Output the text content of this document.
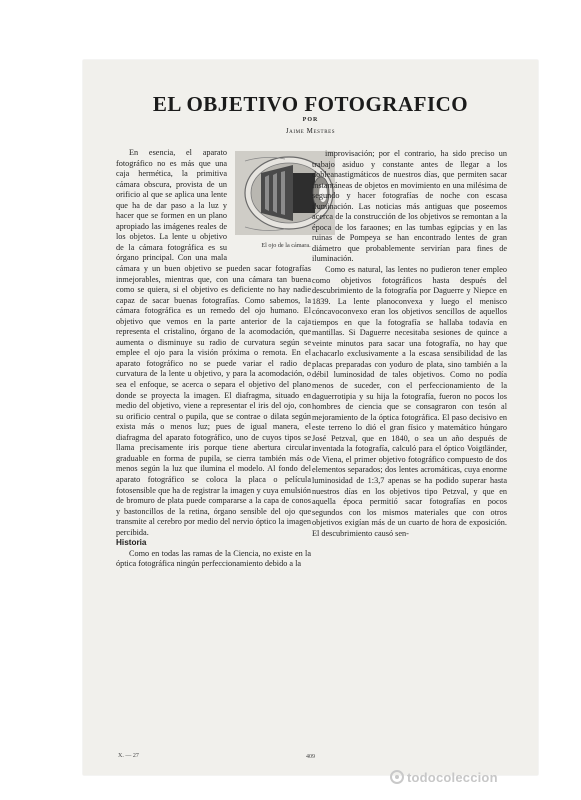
EL OBJETIVO FOTOGRAFICO
POR
Jaime Mestres
El ojo de la cámara.

En esencia, el aparato fotográfico no es más que una caja hermética, la primitiva cámara obscura, provista de un orificio al que se aplica una lente que ha de dar paso a la luz y hacer que se formen en un plano apropiado las imágenes reales de los objetos. La lente u objetivo de la cámara fotográfica es su órgano principal. Con una mala cámara y un buen objetivo se pueden sacar fotografías inmejorables, mientras que, con una cámara tan buena como se quiera, si el objetivo es deficiente no hay nadie capaz de sacar buenas fotografías. Como sabemos, la cámara fotográfica es un remedo del ojo humano. El objetivo que vemos en la parte anterior de la caja representa el cristalino, órgano de la acomodación, que aumenta o disminuye su radio de curvatura según se emplee el ojo para la visión próxima o remota. En el aparato fotográfico no se puede variar el radio de curvatura de la lente u objetivo, y para la acomodación, o sea el enfoque, se acerca o separa el objetivo del plano donde se proyecta la imagen. El diafragma, situado en medio del objetivo, viene a representar el iris del ojo, con su orificio central o pupila, que se contrae o dilata según exista más o menos luz; pues de igual manera, el diafragma del aparato fotográfico, uno de cuyos tipos se llama precisamente iris porque tiene abertura circular graduable en forma de pupila, se cierra también más o menos según la luz que ilumina el modelo. Al fondo del aparato fotográfico se coloca la placa o película fotosensible que ha de registrar la imagen y cuya emulsión de bromuro de plata puede compararse a la capa de conos y bastoncillos de la retina, órgano sensible del ojo que transmite al cerebro por medio del nervio óptico la imagen percibida.

Historia

Como en todas las ramas de la Ciencia, no existe en la óptica fotográfica ningún perfeccionamiento debido a la

improvisación; por el contrario, ha sido preciso un trabajo asiduo y constante antes de llegar a los dobleanastigmáticos de nuestros días, que permiten sacar instantáneas de objetos en movimiento en una milésima de segundo y hacer fotografías de noche con escasa iluminación. Las noticias más antiguas que poseemos acerca de la construcción de los objetivos se remontan a la época de los faraones; en las tumbas egipcias y en las ruinas de Pompeya se han encontrado lentes de gran diámetro que probablemente servirían para fines de iluminación.

Como es natural, las lentes no pudieron tener empleo como objetivos fotográficos hasta después del descubrimiento de la fotografía por Daguerre y Niepce en 1839. La lente planoconvexa y luego el menisco cóncavoconvexo eran los objetivos sencillos de aquellos tiempos en que la fotografía se hallaba todavía en mantillas. Si Daguerre necesitaba sesiones de quince a veinte minutos para sacar una fotografía, no hay que achacarlo exclusivamente a la escasa sensibilidad de las placas preparadas con yoduro de plata, sino también a la débil luminosidad de tales objetivos. Como no podía menos de suceder, con el perfeccionamiento de la daguerrotipia y su hija la fotografía, fueron no pocos los hombres de ciencia que se consagraron con tesón al mejoramiento de la óptica fotográfica. El paso decisivo en este terreno lo dió el gran físico y matemático húngaro José Petzval, que en 1840, o sea un año después de inventada la fotografía, calculó para el óptico Voigtländer, de Viena, el primer objetivo fotográfico compuesto de dos elementos separados; dos lentes acromáticas, cuya enorme luminosidad de 1:3,7 apenas se ha podido superar hasta nuestros días en los objetivos tipo Petzval, y que en aquella época permitió sacar fotografías en pocos segundos con los mismos materiales que con otros objetivos exigían más de un cuarto de hora de exposición. El descubrimiento causó sen-

X. — 27	409
todocoleccion
